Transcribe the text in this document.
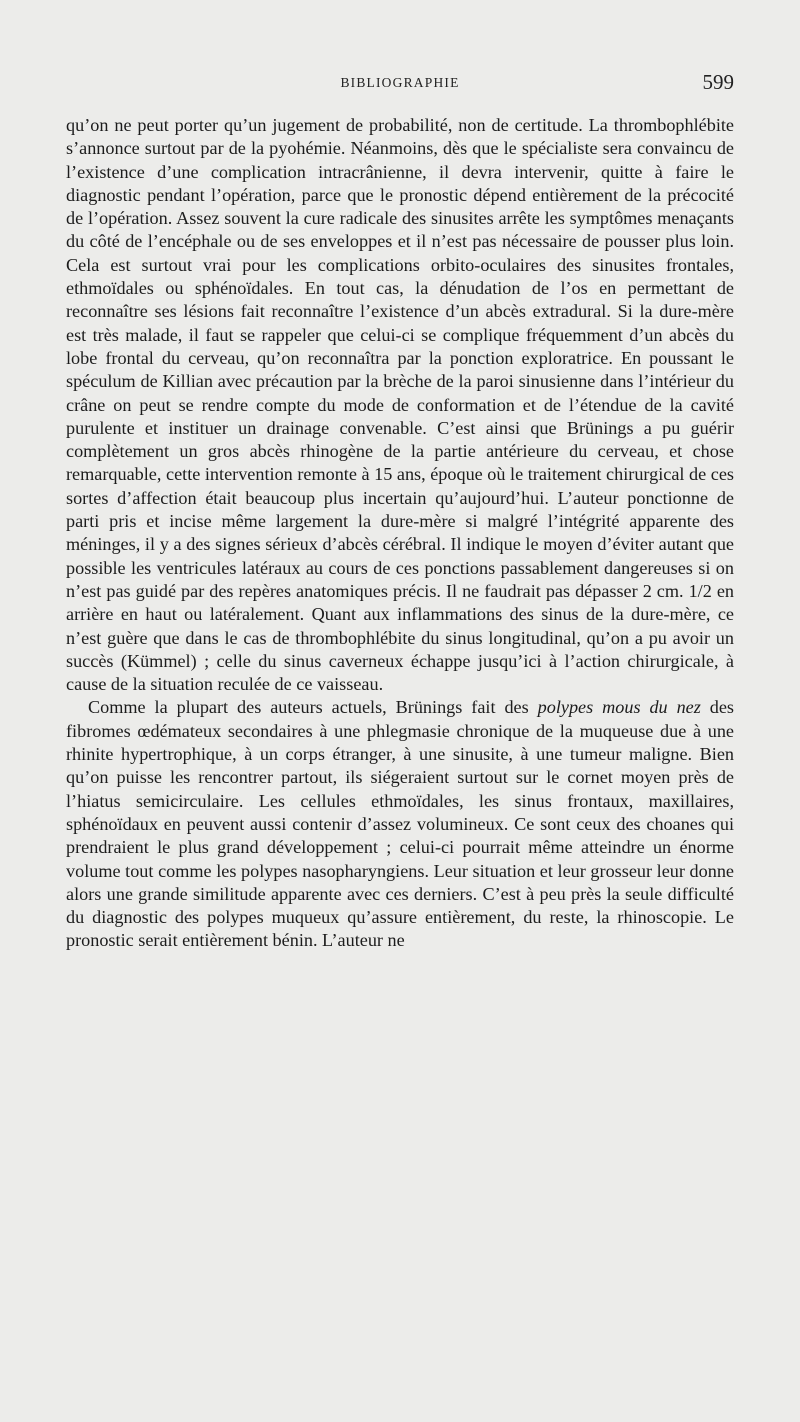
BIBLIOGRAPHIE	599

qu’on ne peut porter qu’un jugement de probabilité, non de certitude. La thrombophlébite s’annonce surtout par de la pyohémie. Néanmoins, dès que le spécialiste sera convaincu de l’existence d’une complication intracrânienne, il devra intervenir, quitte à faire le diagnostic pendant l’opération, parce que le pronostic dépend entièrement de la précocité de l’opération. Assez souvent la cure radicale des sinusites arrête les symptômes menaçants du côté de l’encéphale ou de ses enveloppes et il n’est pas nécessaire de pousser plus loin. Cela est surtout vrai pour les complications orbito-oculaires des sinusites frontales, ethmoïdales ou sphénoïdales. En tout cas, la dénudation de l’os en permettant de reconnaître ses lésions fait reconnaître l’existence d’un abcès extradural. Si la dure-mère est très malade, il faut se rappeler que celui-ci se complique fréquemment d’un abcès du lobe frontal du cerveau, qu’on reconnaîtra par la ponction exploratrice. En poussant le spéculum de Killian avec précaution par la brèche de la paroi sinusienne dans l’intérieur du crâne on peut se rendre compte du mode de conformation et de l’étendue de la cavité purulente et instituer un drainage convenable. C’est ainsi que Brünings a pu guérir complètement un gros abcès rhinogène de la partie antérieure du cerveau, et chose remarquable, cette intervention remonte à 15 ans, époque où le traitement chirurgical de ces sortes d’affection était beaucoup plus incertain qu’aujourd’hui. L’auteur ponctionne de parti pris et incise même largement la dure-mère si malgré l’intégrité apparente des méninges, il y a des signes sérieux d’abcès cérébral. Il indique le moyen d’éviter autant que possible les ventricules latéraux au cours de ces ponctions passablement dangereuses si on n’est pas guidé par des repères anatomiques précis. Il ne faudrait pas dépasser 2 cm. 1/2 en arrière en haut ou latéralement. Quant aux inflammations des sinus de la dure-mère, ce n’est guère que dans le cas de thrombophlébite du sinus longitudinal, qu’on a pu avoir un succès (Kümmel) ; celle du sinus caverneux échappe jusqu’ici à l’action chirurgicale, à cause de la situation reculée de ce vaisseau.

Comme la plupart des auteurs actuels, Brünings fait des polypes mous du nez des fibromes œdémateux secondaires à une phlegmasie chronique de la muqueuse due à une rhinite hypertrophique, à un corps étranger, à une sinusite, à une tumeur maligne. Bien qu’on puisse les rencontrer partout, ils siégeraient surtout sur le cornet moyen près de l’hiatus semicirculaire. Les cellules ethmoïdales, les sinus frontaux, maxillaires, sphénoïdaux en peuvent aussi contenir d’assez volumineux. Ce sont ceux des choanes qui prendraient le plus grand développement ; celui-ci pourrait même atteindre un énorme volume tout comme les polypes nasopharyngiens. Leur situation et leur grosseur leur donne alors une grande similitude apparente avec ces derniers. C’est à peu près la seule difficulté du diagnostic des polypes muqueux qu’assure entièrement, du reste, la rhinoscopie. Le pronostic serait entièrement bénin. L’auteur ne
